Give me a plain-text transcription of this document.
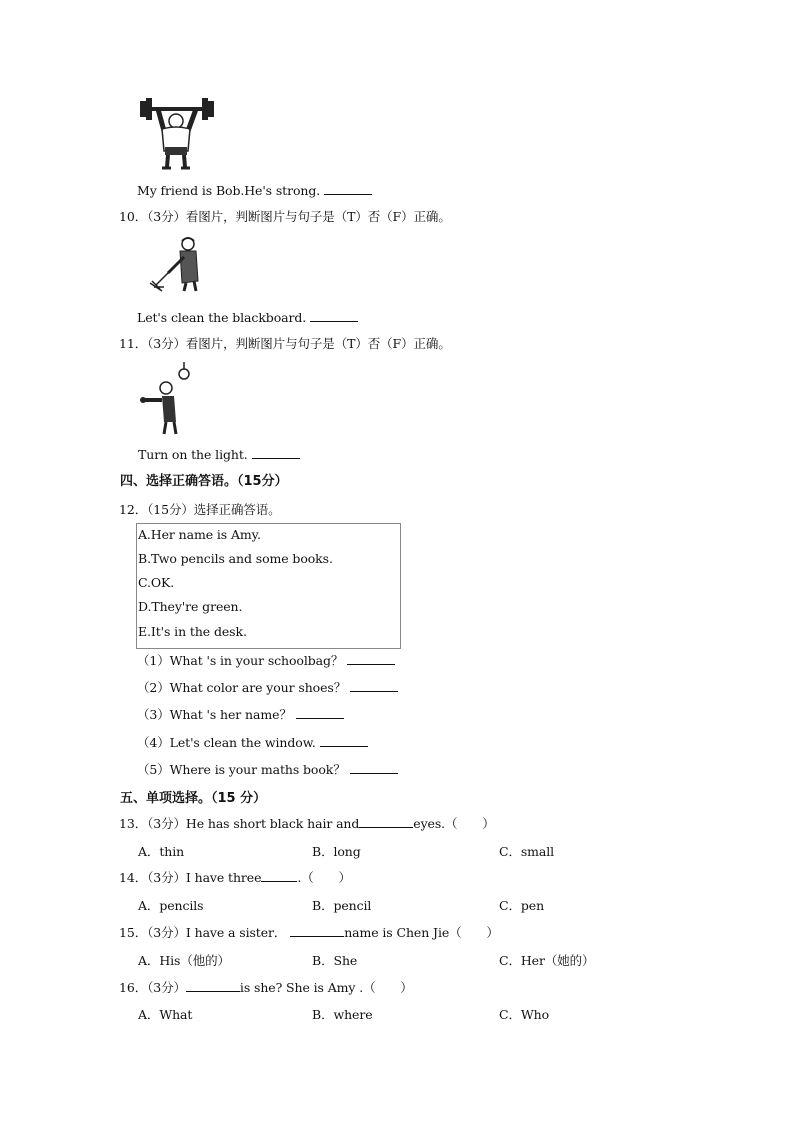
My friend is Bob.He's strong.
10．（3分）看图片，判断图片与句子是（T）否（F）正确。
Let's clean the blackboard.
11．（3分）看图片，判断图片与句子是（T）否（F）正确。
Turn on the light.
四、选择正确答语。（15分）
12．（15分）选择正确答语。
A.Her name is Amy.
B.Two pencils and some books.
C.OK.
D.They're green.
E.It's in the desk.
（1）What 's in your schoolbag？
（2）What color are your shoes？
（3）What 's her name？
（4）Let's clean the window.
（5）Where is your maths book？
五、单项选择。（15 分）
13．（3分）He has short black hair and	eyes.（　　）
A．thin	B．long	C．small
14．（3分）I have three	.（　　）
A．pencils	B．pencil	C．pen
15．（3分）I have a sister．	name is Chen Jie（　　）
A．His（他的）	B．She	C．Her（她的）
16．（3分）	is she? She is Amy .（　　）
A．What	B．where	C．Who
